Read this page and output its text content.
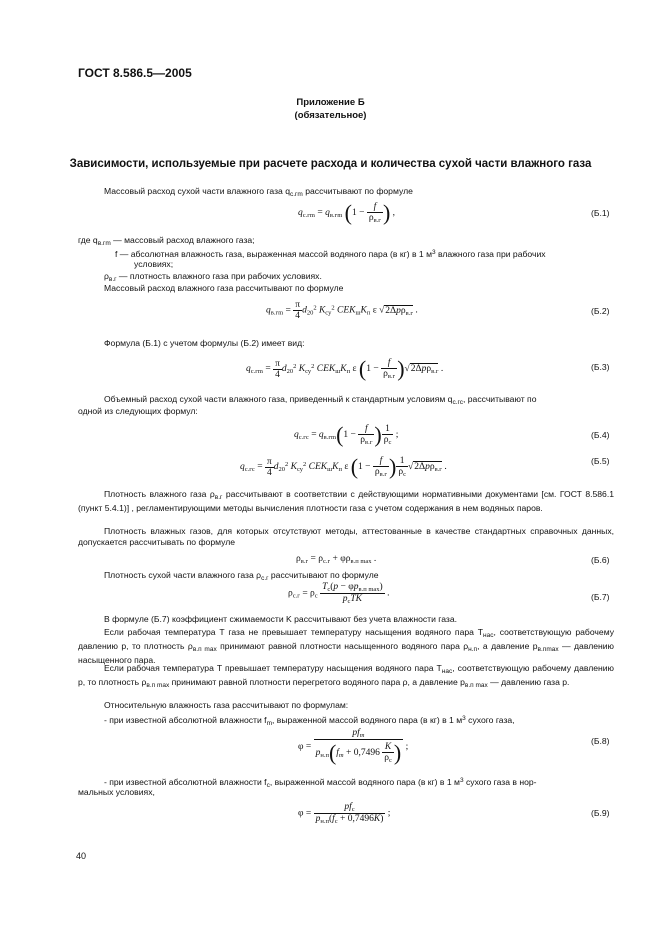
ГОСТ 8.586.5—2005
Приложение Б
(обязательное)
Зависимости, используемые при расчете расхода и количества сухой части влажного газа
Массовый расход сухой части влажного газа $q_{с.гm}$ рассчитывают по формуле
$q_{с.гm} = q_{в.гm}$ ($1 - \frac{f}{\rho_{в.г}}$ ) ,	(Б.1)
где $q_{в.гm}$ — массовый расход влажного газа;
f — абсолютная влажность газа, выраженная массой водяного пара (в кг) в 1 $м^3$ влажного газа при рабочих
условиях;
$\rho_{в.г}$ — плотность влажного газа при рабочих условиях.
Массовый расход влажного газа рассчитывают по формуле
$q_{в.гm} = \frac{\pi}{4} d_{20}^2$ $K_{су}^2$ $CEK_шK_п$ ε √2Δpρ$_{в.г}$ .	(Б.2)
Формула (Б.1) с учетом формулы (Б.2) имеет вид:
$q_{с.гm} = \frac{\pi}{4} d_{20}^2$ $K_{су}^2$ $CEK_шK_п$ ε $(1 - \frac{f}{\rho_{в.г}} )√2\Delta p\rho_{в.г}$ .	(Б.3)
Объемный расход сухой части влажного газа, приведенный к стандартным условиям $q_{с.гс}$, рассчитывают по
одной из следующих формул:
$q_{с.гс} = q_{в.гm}(1 - \frac{f}{\rho_{в.г}}$ ) $\frac{1}{\rho_с}$ ;	(Б.4)
$q_{с.гс} = \frac{\pi}{4} d_{20}^2$ $K_{су}^2$ $CEK_шK_п$ ε ($1 - \frac{f}{\rho_{в.г}}$ ) $\frac{1}{\rho_с} √2\Delta p\rho_{в.г}$ .
(Б.5)
Плотность влажного газа $\rho_{в.г}$ рассчитывают в соответствии с действующими нормативными документами [см. ГОСТ 8.586.1 (пункт 5.4.1)] , регламентирующими методы вычисления плотности газа с учетом содержания в нем водяных паров.
Плотность влажных газов, для которых отсутствуют методы, аттестованные в качестве стандартных справочных данных, допускается рассчитывать по формуле
$\rho_{в.г} = \rho_{с.г} + \varphi\rho_{в.п max}$ .	(Б.6)
Плотность сухой части влажного газа $\rho_{с.г}$ рассчитывают по формуле
$\rho_{с.г} = \rho_с \frac{T_с(p - \varphi p_{в.п max})}{p_сTK}$ .	(Б.7)
В формуле (Б.7) коэффициент сжимаемости K рассчитывают без учета влажности газа.
Если рабочая температура T газа не превышает температуру насыщения водяного пара $T_{нас}$, соответствующую рабочему давлению p, то плотность $\rho_{в.п max}$ принимают равной плотности насыщенного водяного пара $\rho_{н.п}$, а давление $p_{в.пmax}$ — давлению насыщенного пара.
Если рабочая температура T превышает температуру насыщения водяного пара $T_{нас}$, соответствующую рабочему давлению p, то плотность $\rho_{в.п max}$ принимают равной плотности перегретого водяного пара ρ, а давление $p_{в.п max}$ — давлению газа p.
Относительную влажность газа рассчитывают по формулам:
- при известной абсолютной влажности $f_m$, выраженной массой водяного пара (в кг) в 1 $м^3$ сухого газа,
$\varphi = \frac{pf_m}{p_{н.п}(f_m + 0,7496 \frac{K}{\rho_с} )}$ ;
(Б.8)
- при известной абсолютной влажности $f_c$, выраженной массой водяного пара (в кг) в 1 $м^3$ сухого газа в нор-
мальных условиях,
$\varphi = \frac{pf_с}{p_{н.п}(f_с + 0,7496K)}$ ;	(Б.9)
40
